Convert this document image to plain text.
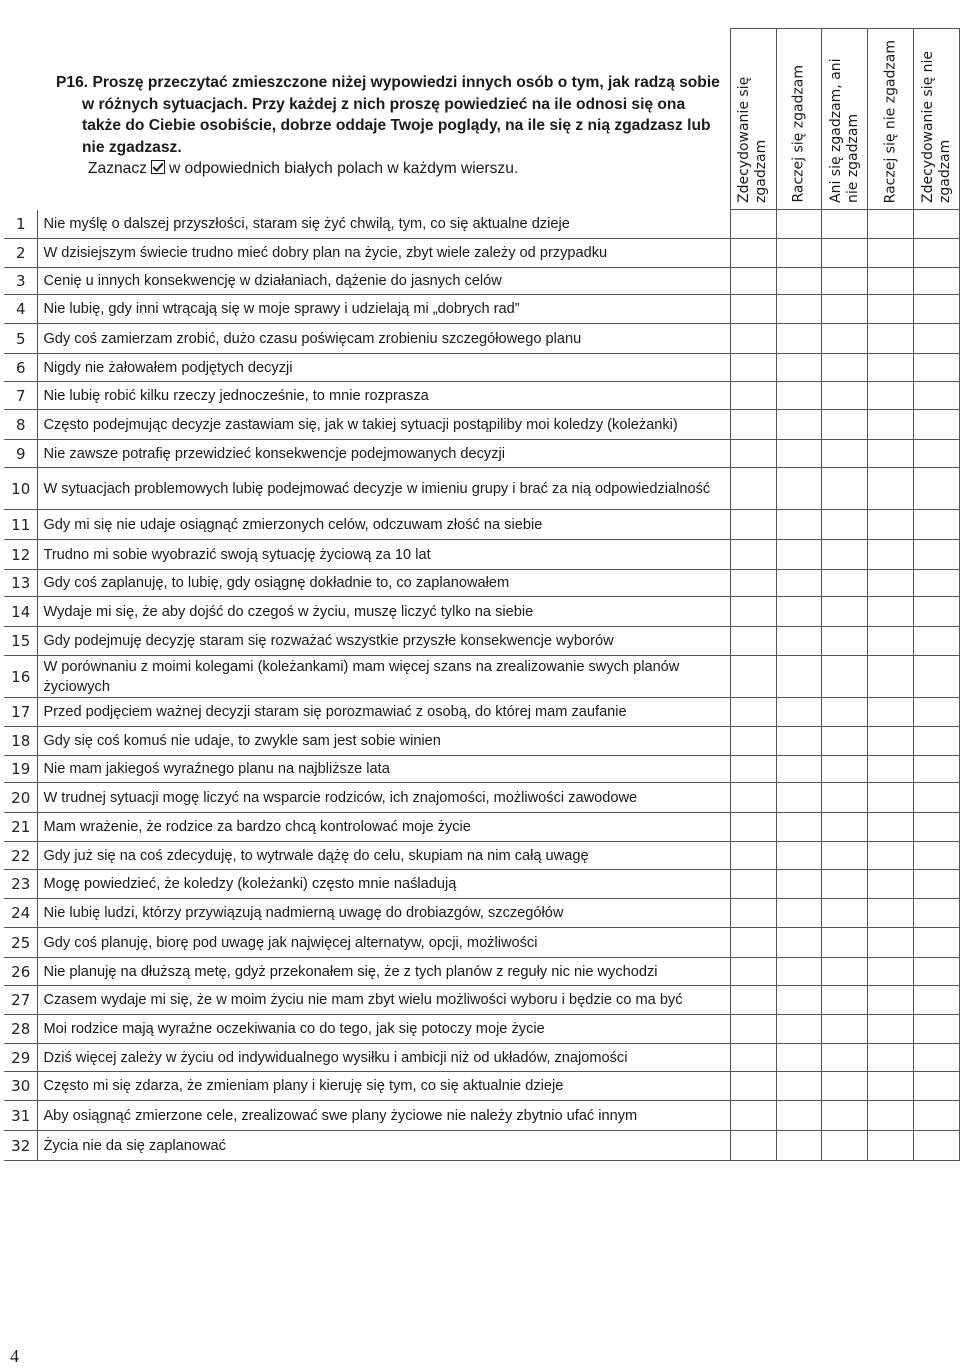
		Zdecydowanie się zgadzam	Raczej się zgadzam	Ani się zgadzam, ani nie zgadzam	Raczej się nie zgadzam	Zdecydowanie się nie zgadzam

1	Nie myślę o dalszej przyszłości, staram się żyć chwilą, tym, co się aktualne dzieje					
2	W dzisiejszym świecie trudno mieć dobry plan na życie, zbyt wiele zależy od przypadku					
3	Cenię u innych konsekwencję w działaniach, dążenie do jasnych celów					
4	Nie lubię, gdy inni wtrącają się w moje sprawy i udzielają mi „dobrych rad”					
5	Gdy coś zamierzam zrobić, dużo czasu poświęcam zrobieniu szczegółowego planu					
6	Nigdy nie żałowałem podjętych decyzji					
7	Nie lubię robić kilku rzeczy jednocześnie, to mnie rozprasza					
8	Często podejmując decyzje zastawiam się, jak w takiej sytuacji postąpiliby moi koledzy (koleżanki)					
9	Nie zawsze potrafię przewidzieć konsekwencje podejmowanych decyzji					
10	W sytuacjach problemowych lubię podejmować decyzje w imieniu grupy i brać za nią odpowiedzialność					
11	Gdy mi się nie udaje osiągnąć zmierzonych celów, odczuwam złość na siebie					
12	Trudno mi sobie wyobrazić swoją sytuację życiową za 10 lat					
13	Gdy coś zaplanuję, to lubię, gdy osiągnę dokładnie to, co zaplanowałem					
14	Wydaje mi się, że aby dojść do czegoś w życiu, muszę liczyć tylko na siebie					
15	Gdy podejmuję decyzję staram się rozważać wszystkie przyszłe konsekwencje wyborów					
16	W porównaniu z moimi kolegami (koleżankami) mam więcej szans na zrealizowanie swych planów życiowych					
17	Przed podjęciem ważnej decyzji staram się porozmawiać z osobą, do której mam zaufanie					
18	Gdy się coś komuś nie udaje, to zwykle sam jest sobie winien					
19	Nie mam jakiegoś wyraźnego planu na najbliższe lata					
20	W trudnej sytuacji mogę liczyć na wsparcie rodziców, ich znajomości, możliwości zawodowe					
21	Mam wrażenie, że rodzice za bardzo chcą kontrolować moje życie					
22	Gdy już się na coś zdecyduję, to wytrwale dążę do celu, skupiam na nim całą uwagę					
23	Mogę powiedzieć, że koledzy (koleżanki) często mnie naśladują					
24	Nie lubię ludzi, którzy przywiązują nadmierną uwagę do drobiazgów, szczegółów					
25	Gdy coś planuję, biorę pod uwagę jak najwięcej alternatyw, opcji, możliwości					
26	Nie planuję na dłuższą metę, gdyż przekonałem się, że z tych planów z reguły nic nie wychodzi					
27	Czasem wydaje mi się, że w moim życiu nie mam zbyt wielu możliwości wyboru i będzie co ma być					
28	Moi rodzice mają wyraźne oczekiwania co do tego, jak się potoczy moje życie					
29	Dziś więcej zależy w życiu od indywidualnego wysiłku i ambicji niż od układów, znajomości					
30	Często mi się zdarza, że zmieniam plany i kieruję się tym, co się aktualnie dzieje					
31	Aby osiągnąć zmierzone cele, zrealizować swe plany życiowe nie należy zbytnio ufać innym					
32	Życia nie da się zaplanować					
P16. Proszę przeczytać zmieszczone niżej wypowiedzi innych osób o tym, jak radzą sobie w różnych sytuacjach. Przy każdej z nich proszę powiedzieć na ile odnosi się ona także do Ciebie osobiście, dobrze oddaje Twoje poglądy, na ile się z nią zgadzasz lub nie zgadzasz.
Zaznacz w odpowiednich białych polach w każdym wierszu.
4
